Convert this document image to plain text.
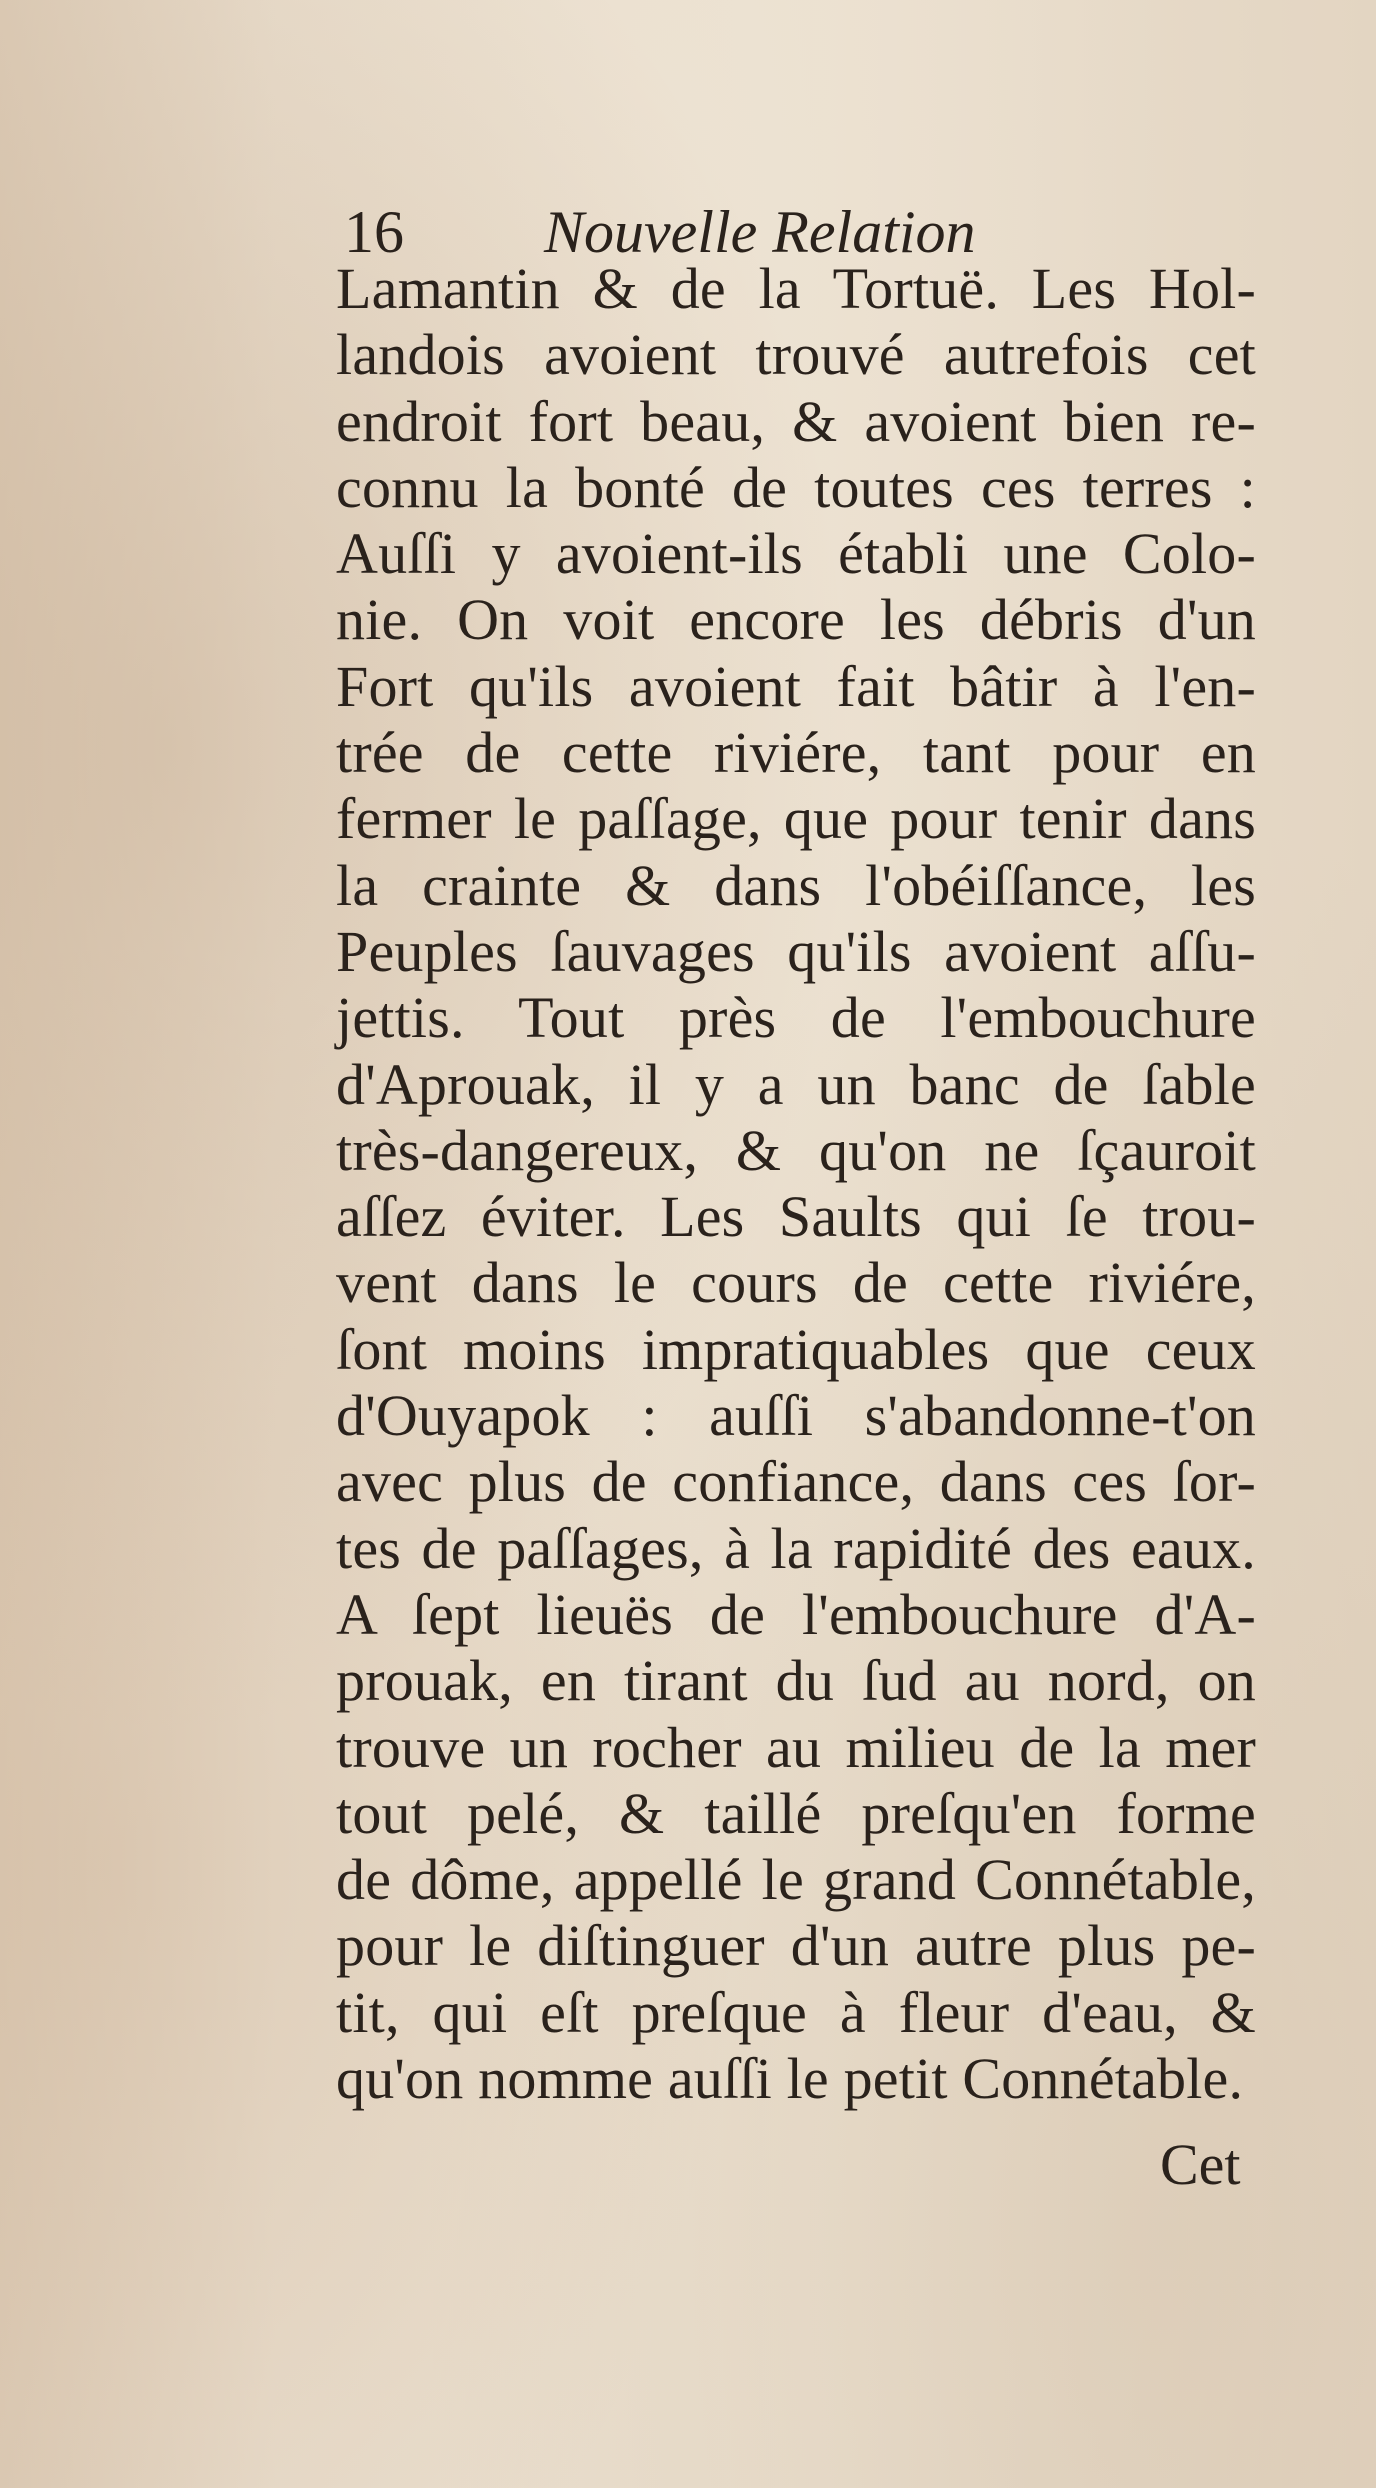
16 Nouvelle Relation
Lamantin & de la Tortuë. Les Hol-
landois avoient trouvé autrefois cet
endroit fort beau, & avoient bien re-
connu la bonté de toutes ces terres :
Auſſi y avoient-ils établi une Colo-
nie. On voit encore les débris d'un
Fort qu'ils avoient fait bâtir à l'en-
trée de cette riviére, tant pour en
fermer le paſſage, que pour tenir dans
la crainte & dans l'obéiſſance, les
Peuples ſauvages qu'ils avoient aſſu-
jettis. Tout près de l'embouchure
d'Aprouak, il y a un banc de ſable
très-dangereux, & qu'on ne ſçauroit
aſſez éviter. Les Saults qui ſe trou-
vent dans le cours de cette riviére,
ſont moins impratiquables que ceux
d'Ouyapok : auſſi s'abandonne-t'on
avec plus de confiance, dans ces ſor-
tes de paſſages, à la rapidité des eaux.
A ſept lieuës de l'embouchure d'A-
prouak, en tirant du ſud au nord, on
trouve un rocher au milieu de la mer
tout pelé, & taillé preſqu'en forme
de dôme, appellé le grand Connétable,
pour le diſtinguer d'un autre plus pe-
tit, qui eſt preſque à fleur d'eau, &
qu'on nomme auſſi le petit Connétable.
Cet
